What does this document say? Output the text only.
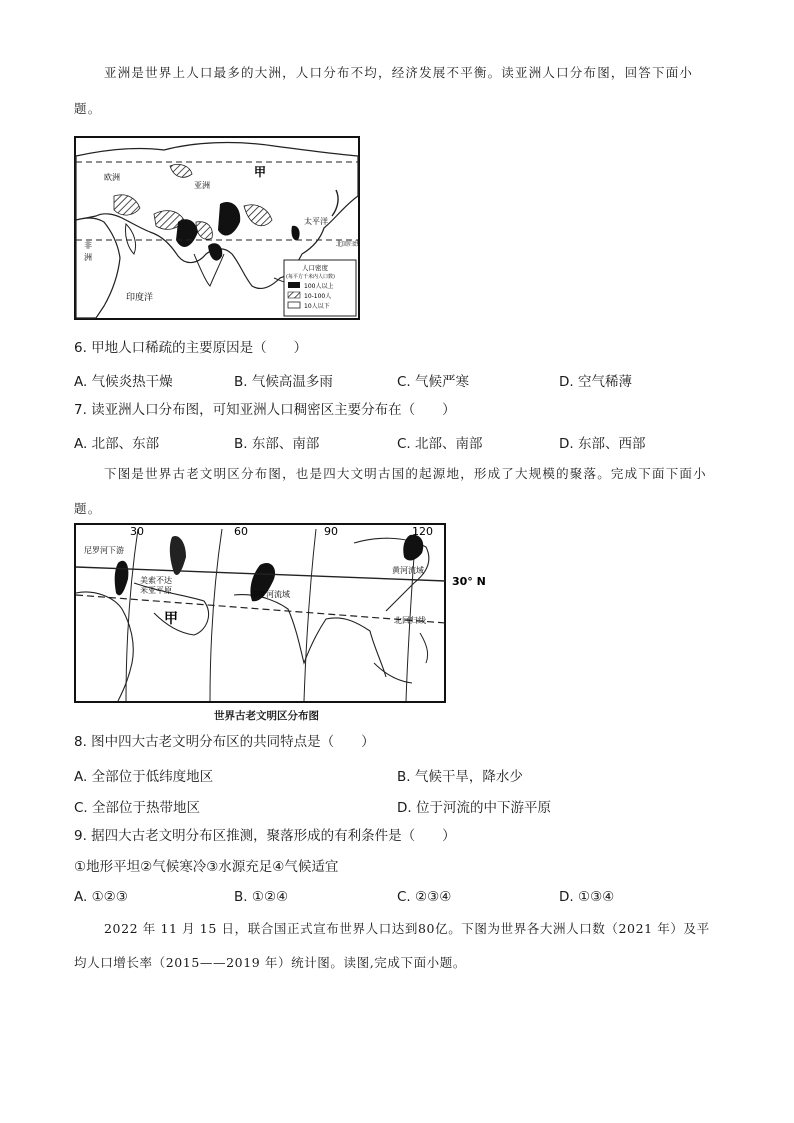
亚洲是世界上人口最多的大洲，人口分布不均，经济发展不平衡。读亚洲人口分布图，回答下面小
题。
欧洲	甲
亚洲
太平洋
非
洲
印度洋
北回归线
人口密度
(每平方千米内人口数)
100人以上
10-100人
10人以下
6. 甲地人口稀疏的主要原因是（　　）
A. 气候炎热干燥	B. 气候高温多雨	C. 气候严寒	D. 空气稀薄
7. 读亚洲人口分布图，可知亚洲人口稠密区主要分布在（　　）
A. 北部、东部	B. 东部、南部	C. 北部、南部	D. 东部、西部
下图是世界古老文明区分布图，也是四大文明古国的起源地，形成了大规模的聚落。完成下面下面小
题。
30	60	90	120
30° N
尼罗河下游
美索不达
米亚平原	印度河流域
黄河流域
北回归线
甲
世界古老文明区分布图
8. 图中四大古老文明分布区的共同特点是（　　）
A. 全部位于低纬度地区	B. 气候干旱，降水少
C. 全部位于热带地区	D. 位于河流的中下游平原
9. 据四大古老文明分布区推测，聚落形成的有利条件是（　　）
①地形平坦②气候寒冷③水源充足④气候适宜
A. ①②③	B. ①②④	C. ②③④	D. ①③④
2022 年 11 月 15 日，联合国正式宣布世界人口达到80亿。下图为世界各大洲人口数（2021 年）及平
均人口增长率（2015——2019 年）统计图。读图,完成下面小题。
